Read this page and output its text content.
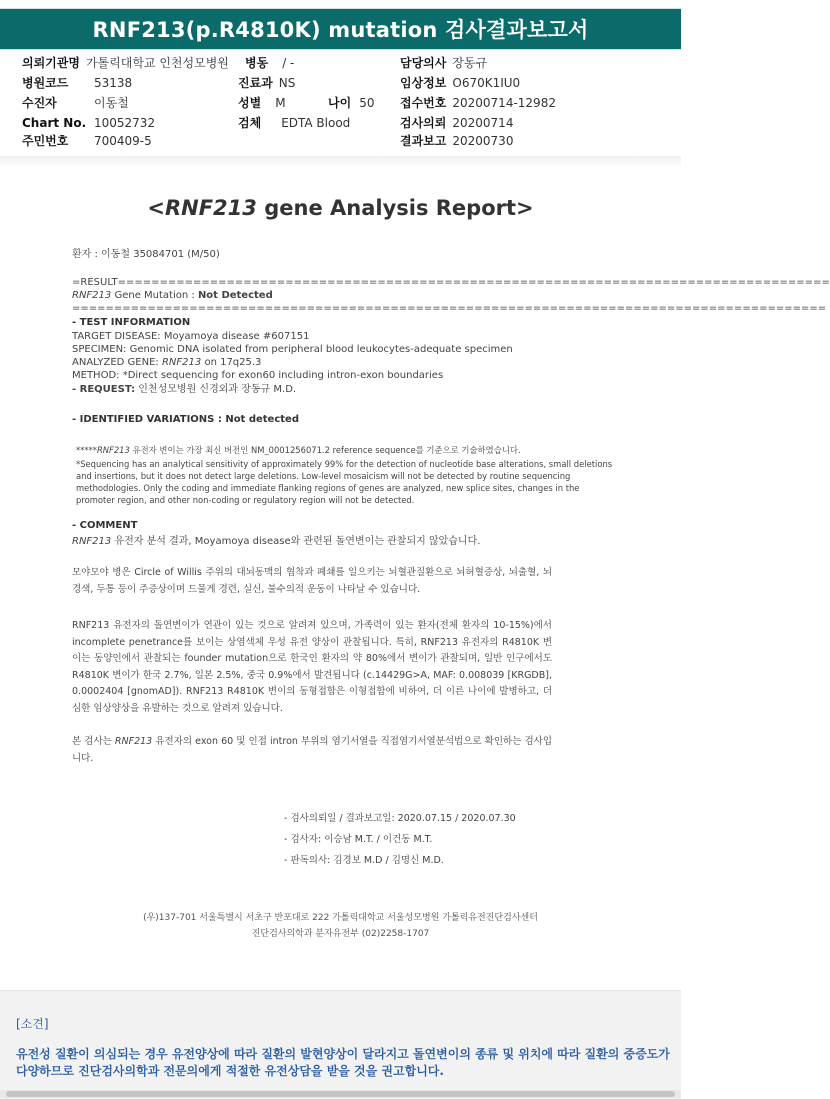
RNF213(p.R4810K) mutation 검사결과보고서
의뢰기관명 가톨릭대학교 인천성모병원 병동 / -	담당의사 장동규
병원코드 53138	진료과 NS	임상정보 O670K1IU0
수진자	이동철	성별 M	나이 50 접수번호 20200714-12982
Chart No. 10052732	검체 EDTA Blood	검사의뢰 20200714
주민번호 700409-5	결과보고 20200730
<RNF213 gene Analysis Report>
환자 : 이동철 35084701 (M/50)
=RESULT=====================================================================================
RNF213 Gene Mutation : Not Detected
==========================================================================================
- TEST INFORMATION
TARGET DISEASE: Moyamoya disease #607151
SPECIMEN: Genomic DNA isolated from peripheral blood leukocytes-adequate specimen
ANALYZED GENE: RNF213 on 17q25.3
METHOD: *Direct sequencing for exon60 including intron-exon boundaries
- REQUEST: 인천성모병원 신경외과 장동규 M.D.
- IDENTIFIED VARIATIONS : Not detected
*****RNF213 유전자 변이는 가장 최신 버전인 NM_0001256071.2 reference sequence를 기준으로 기술하였습니다.
*Sequencing has an analytical sensitivity of approximately 99% for the detection of nucleotide base alterations, small deletions and insertions, but it does not detect large deletions. Low-level mosaicism will not be detected by routine sequencing methodologies. Only the coding and immediate flanking regions of genes are analyzed, new splice sites, changes in the promoter region, and other non-coding or regulatory region will not be detected.
- COMMENT
RNF213 유전자 분석 결과, Moyamoya disease와 관련된 돌연변이는 관찰되지 않았습니다.
모야모야 병은 Circle of Willis 주위의 대뇌동맥의 협착과 폐쇄를 일으키는 뇌혈관질환으로 뇌허혈증상, 뇌출혈, 뇌경색, 두통 등이 주증상이며 드물게 경련, 실신, 불수의적 운동이 나타날 수 있습니다.
RNF213 유전자의 돌연변이가 연관이 있는 것으로 알려져 있으며, 가족력이 있는 환자(전체 환자의 10-15%)에서 incomplete penetrance를 보이는 상염색체 우성 유전 양상이 관찰됩니다. 특히, RNF213 유전자의 R4810K 변이는 동양인에서 관찰되는 founder mutation으로 한국인 환자의 약 80%에서 변이가 관찰되며, 일반 인구에서도 R4810K 변이가 한국 2.7%, 일본 2.5%, 중국 0.9%에서 발견됩니다 (c.14429G>A, MAF: 0.008039 [KRGDB], 0.0002404 [gnomAD]). RNF213 R4810K 변이의 동형접합은 이형접합에 비하여, 더 이른 나이에 발병하고, 더 심한 임상양상을 유발하는 것으로 알려져 있습니다.
본 검사는 RNF213 유전자의 exon 60 및 인접 intron 부위의 염기서열을 직접염기서열분석법으로 확인하는 검사입니다.
- 검사의뢰일 / 결과보고일: 2020.07.15 / 2020.07.30
- 검사자: 이승남 M.T. / 이건동 M.T.
- 판독의사: 김경보 M.D / 김명신 M.D.
(우)137-701 서울특별시 서초구 반포대로 222 가톨릭대학교 서울성모병원 가톨릭유전진단검사센터
진단검사의학과 분자유전부 (02)2258-1707
[소견]
유전성 질환이 의심되는 경우 유전양상에 따라 질환의 발현양상이 달라지고 돌연변이의 종류 및 위치에 따라 질환의 중증도가 다양하므로 진단검사의학과 전문의에게 적절한 유전상담을 받을 것을 권고합니다.
